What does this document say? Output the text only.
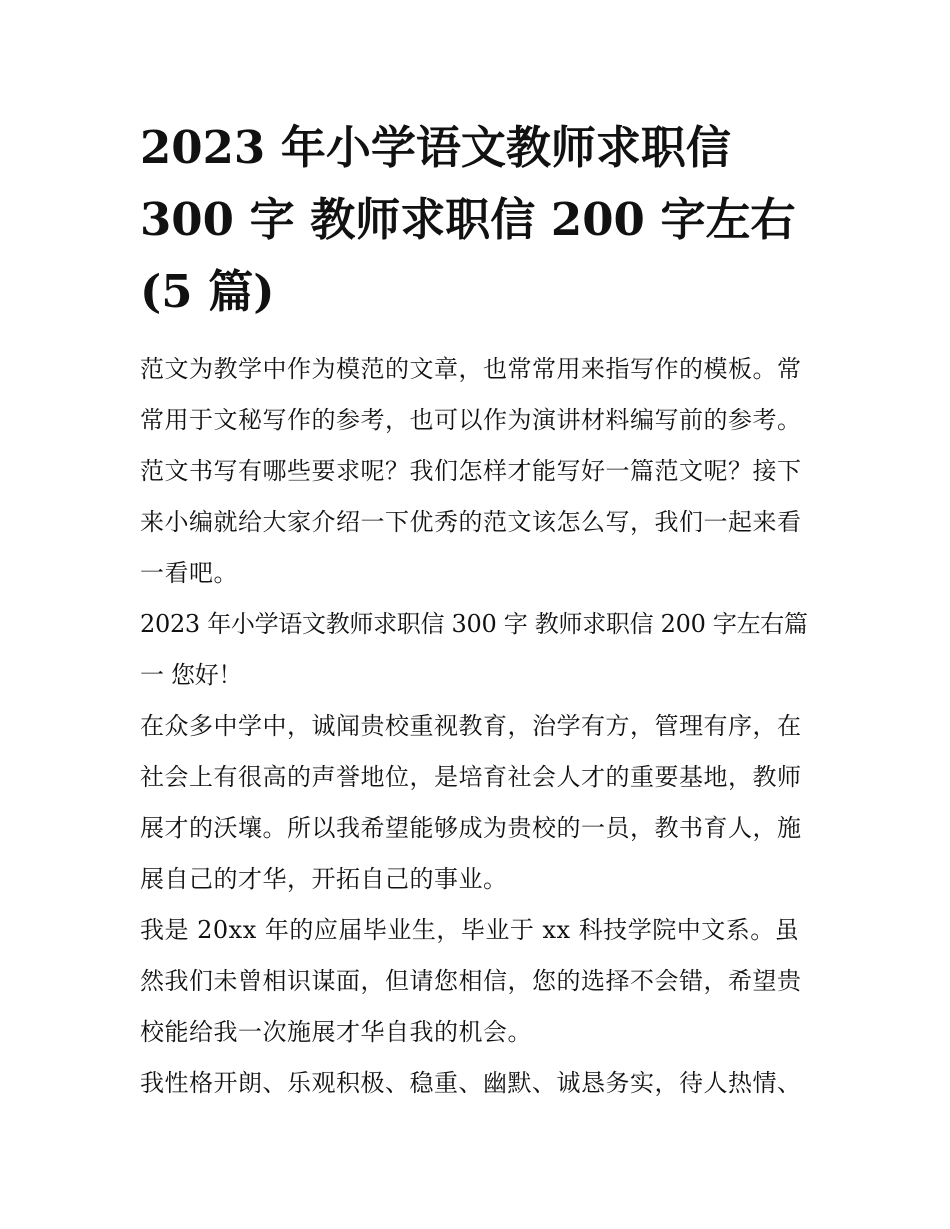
2023 年小学语文教师求职信
300 字 教师求职信 200 字左右
(5 篇)

范文为教学中作为模范的文章，也常常用来指写作的模板。常常用于文秘写作的参考，也可以作为演讲材料编写前的参考。范文书写有哪些要求呢？我们怎样才能写好一篇范文呢？接下来小编就给大家介绍一下优秀的范文该怎么写，我们一起来看一看吧。

2023 年小学语文教师求职信 300 字 教师求职信 200 字左右篇一 您好！

在众多中学中，诚闻贵校重视教育，治学有方，管理有序，在社会上有很高的声誉地位，是培育社会人才的重要基地，教师展才的沃壤。所以我希望能够成为贵校的一员，教书育人，施展自己的才华，开拓自己的事业。

我是 20xx 年的应届毕业生，毕业于 xx 科技学院中文系。虽然我们未曾相识谋面，但请您相信，您的选择不会错，希望贵校能给我一次施展才华自我的机会。

我性格开朗、乐观积极、稳重、幽默、诚恳务实，待人热情、
